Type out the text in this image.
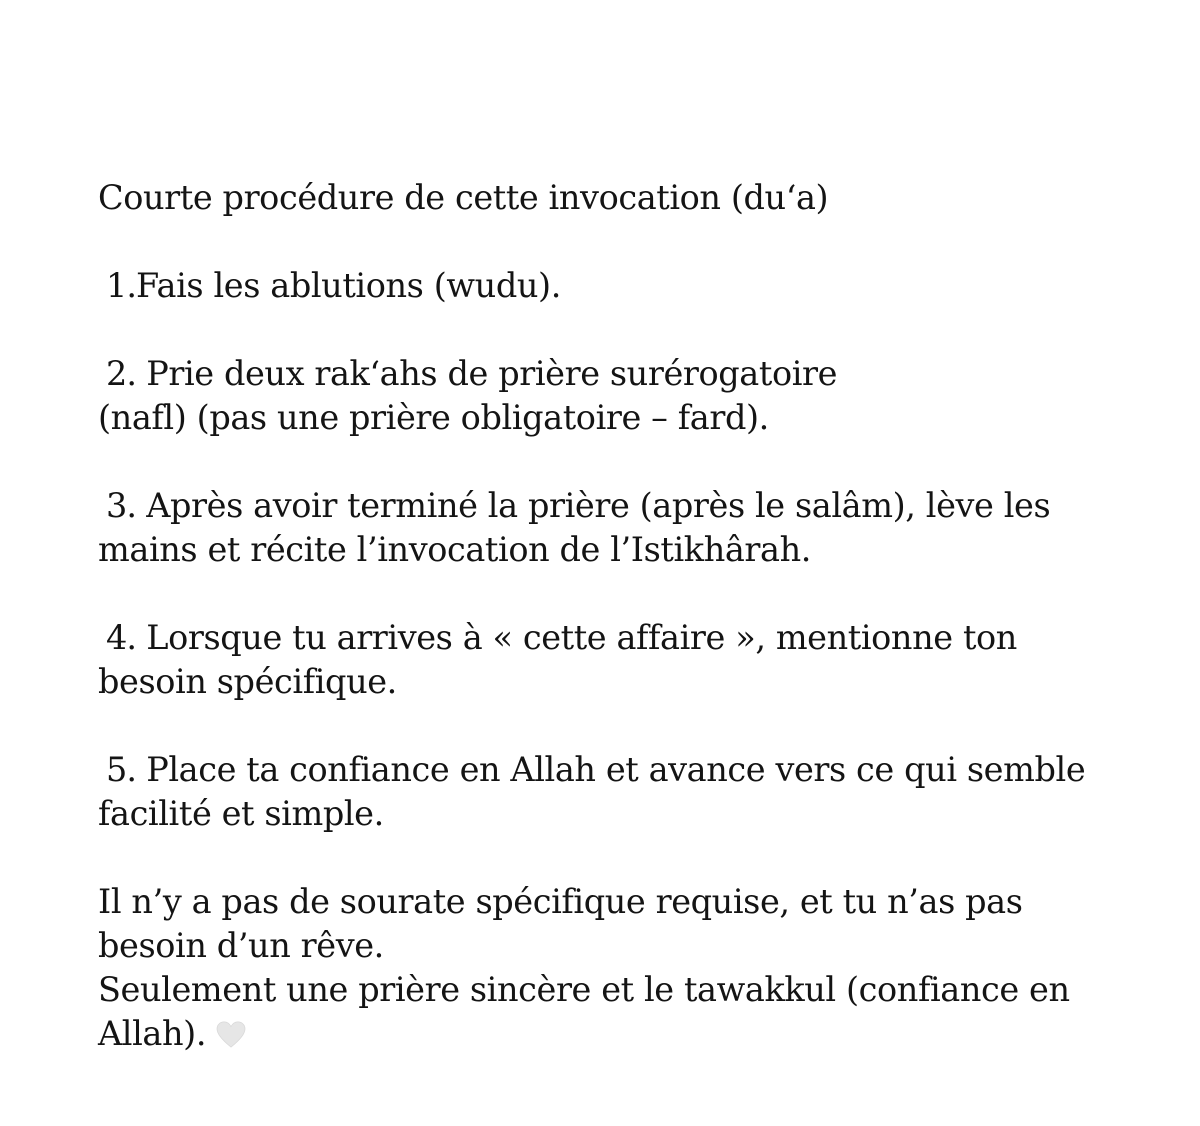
Courte procédure de cette invocation (du‘a)
1.Fais les ablutions (wudu).
2. Prie deux rak‘ahs de prière surérogatoire
(nafl) (pas une prière obligatoire – fard).
3. Après avoir terminé la prière (après le salâm), lève les
mains et récite l’invocation de l’Istikhârah.
4. Lorsque tu arrives à « cette affaire », mentionne ton
besoin spécifique.
5. Place ta confiance en Allah et avance vers ce qui semble
facilité et simple.
Il n’y a pas de sourate spécifique requise, et tu n’as pas
besoin d’un rêve.
Seulement une prière sincère et le tawakkul (confiance en
Allah).
